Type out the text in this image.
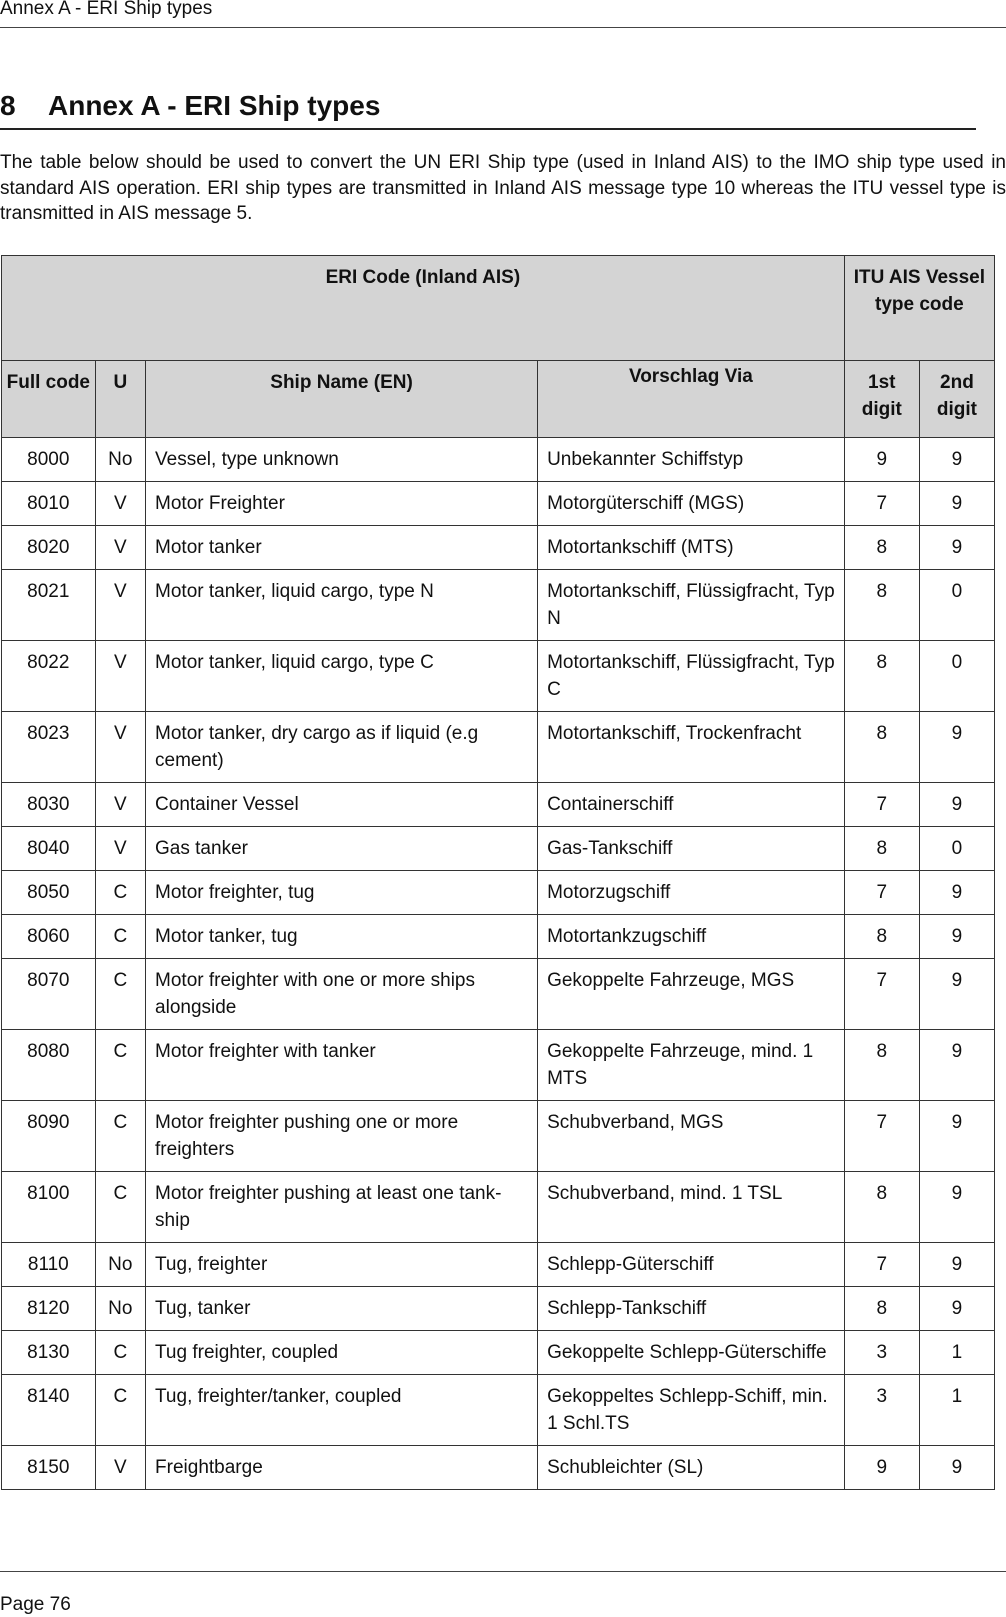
Annex A - ERI Ship types
8 Annex A - ERI Ship types

The table below should be used to convert the UN ERI Ship type (used in Inland AIS) to the IMO ship type used in standard AIS operation. ERI ship types are transmitted in Inland AIS message type 10 whereas the ITU vessel type is transmitted in AIS message 5.

ERI Code (Inland AIS)				ITU AIS Vessel type code	
Full code	U	Ship Name (EN)	Vorschlag Via	1st digit	2nd digit
8000	No	Vessel, type unknown	Unbekannter Schiffstyp	9	9
8010	V	Motor Freighter	Motorgüterschiff (MGS)	7	9
8020	V	Motor tanker	Motortankschiff (MTS)	8	9
8021	V	Motor tanker, liquid cargo, type N	Motortankschiff, Flüssigfracht, Typ N	8	0
8022	V	Motor tanker, liquid cargo, type C	Motortankschiff, Flüssigfracht, Typ C	8	0
8023	V	Motor tanker, dry cargo as if liquid (e.g cement)	Motortankschiff, Trockenfracht	8	9
8030	V	Container Vessel	Containerschiff	7	9
8040	V	Gas tanker	Gas-Tankschiff	8	0
8050	C	Motor freighter, tug	Motorzugschiff	7	9
8060	C	Motor tanker, tug	Motortankzugschiff	8	9
8070	C	Motor freighter with one or more ships alongside	Gekoppelte Fahrzeuge, MGS	7	9
8080	C	Motor freighter with tanker	Gekoppelte Fahrzeuge, mind. 1 MTS	8	9
8090	C	Motor freighter pushing one or more freighters	Schubverband, MGS	7	9
8100	C	Motor freighter pushing at least one tank-ship	Schubverband, mind. 1 TSL	8	9
8110	No	Tug, freighter	Schlepp-Güterschiff	7	9
8120	No	Tug, tanker	Schlepp-Tankschiff	8	9
8130	C	Tug freighter, coupled	Gekoppelte Schlepp-Güterschiffe	3	1
8140	C	Tug, freighter/tanker, coupled	Gekoppeltes Schlepp-Schiff, min. 1 Schl.TS	3	1
8150	V	Freightbarge	Schubleichter (SL)	9	9
Page 76
